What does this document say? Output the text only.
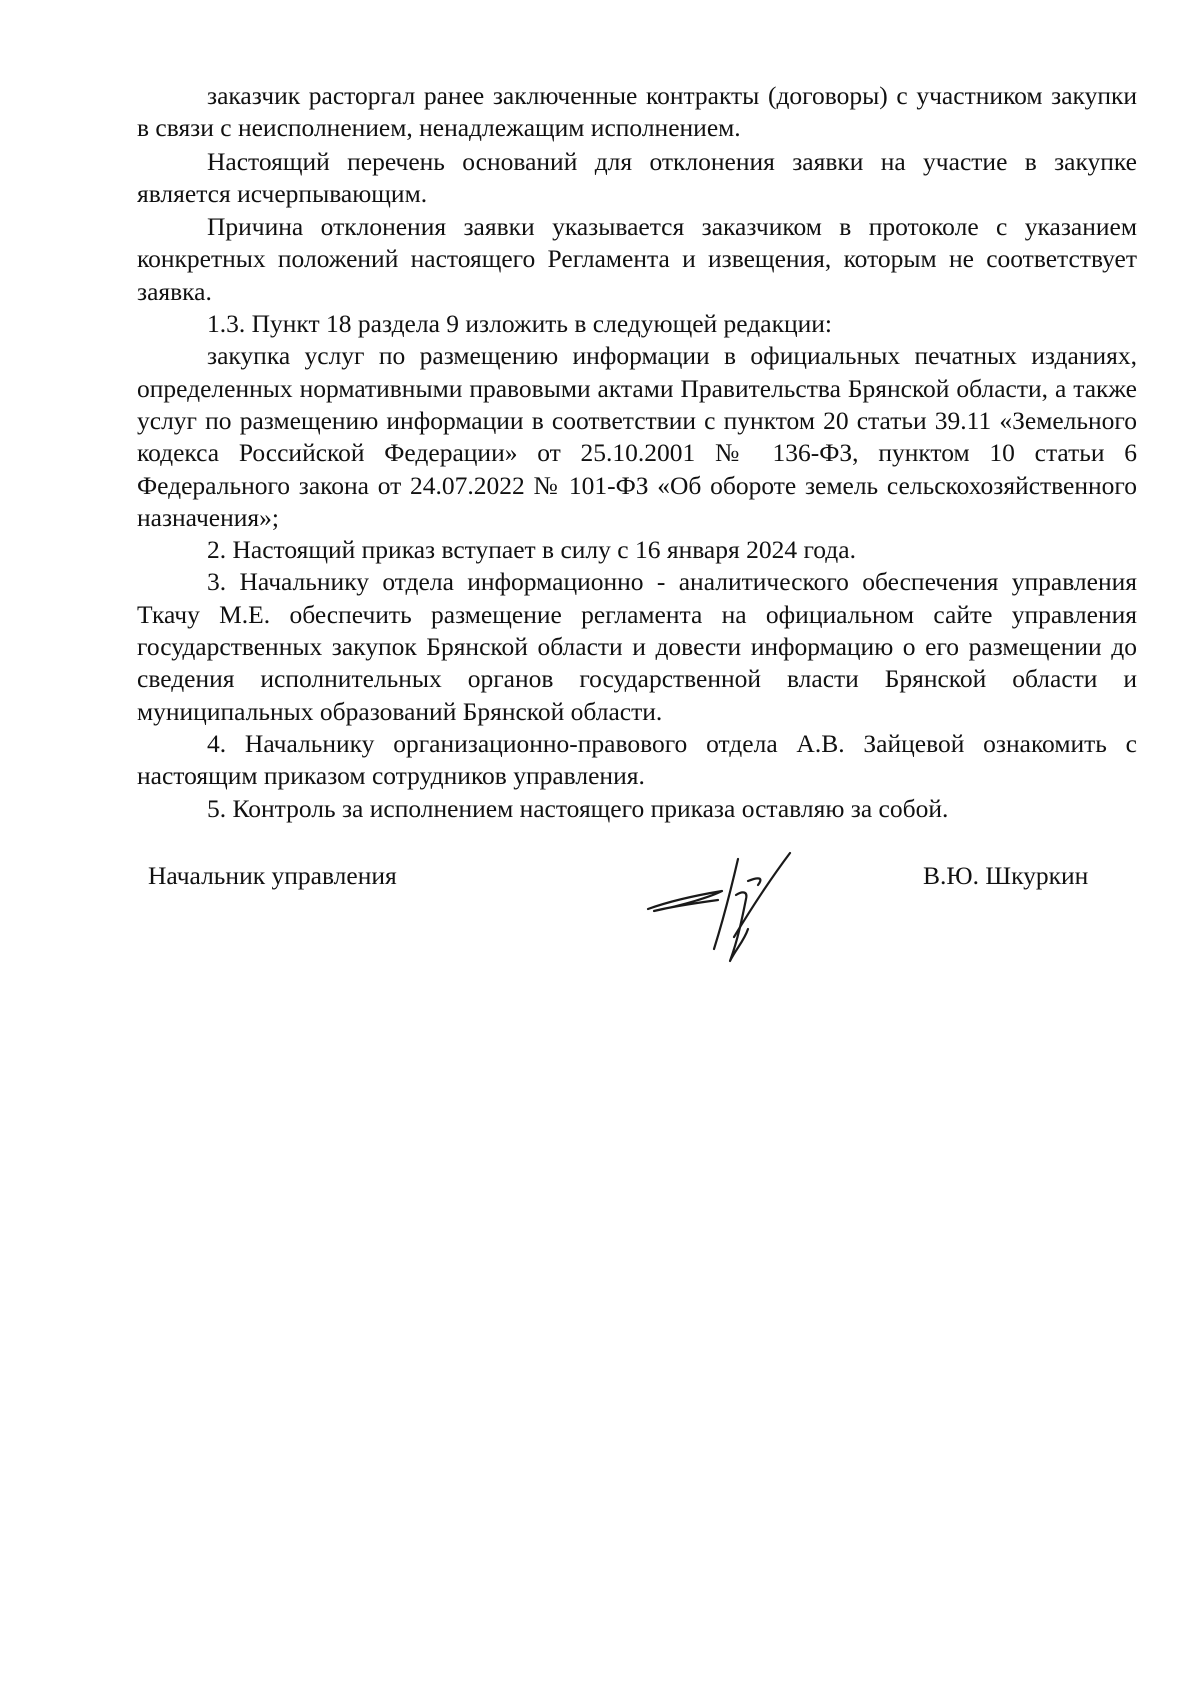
заказчик расторгал ранее заключенные контракты (договоры) с участником закупки в связи с неисполнением, ненадлежащим исполнением.

Настоящий перечень оснований для отклонения заявки на участие в закупке является исчерпывающим.

Причина отклонения заявки указывается заказчиком в протоколе с указанием конкретных положений настоящего Регламента и извещения, которым не соответствует заявка.

1.3. Пункт 18 раздела 9 изложить в следующей редакции:

закупка услуг по размещению информации в официальных печатных изданиях, определенных нормативными правовыми актами Правительства Брянской области, а также услуг по размещению информации в соответствии с пунктом 20 статьи 39.11 «Земельного кодекса Российской Федерации» от 25.10.2001 № 136-ФЗ, пунктом 10 статьи 6 Федерального закона от 24.07.2022 № 101-ФЗ «Об обороте земель сельскохозяйственного назначения»;

2. Настоящий приказ вступает в силу с 16 января 2024 года.

3. Начальнику отдела информационно - аналитического обеспечения управления Ткачу М.Е. обеспечить размещение регламента на официальном сайте управления государственных закупок Брянской области и довести информацию о его размещении до сведения исполнительных органов государственной власти Брянской области и муниципальных образований Брянской области.

4. Начальнику организационно-правового отдела А.В. Зайцевой ознакомить с настоящим приказом сотрудников управления.

5. Контроль за исполнением настоящего приказа оставляю за собой.

Начальник управления	В.Ю. Шкуркин
